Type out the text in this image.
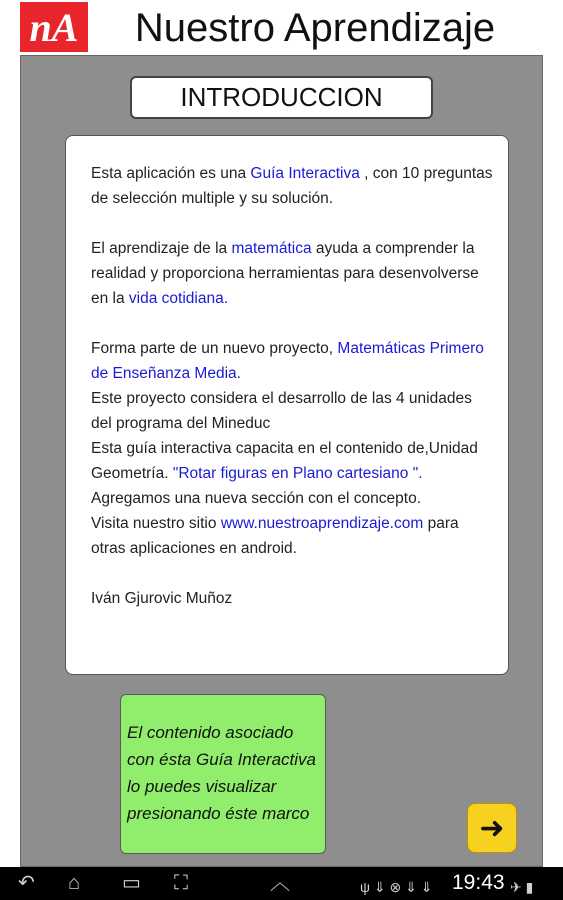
nA	Nuestro Aprendizaje
INTRODUCCION

Esta aplicación es una Guía Interactiva , con 10 preguntas de selección multiple y su solución.

El aprendizaje de la matemática ayuda a comprender la realidad y proporciona herramientas para desenvolverse en la vida cotidiana.

Forma parte de un nuevo proyecto, Matemáticas Primero de Enseñanza Media.

Este proyecto considera el desarrollo de las 4 unidades del programa del Mineduc

Esta guía interactiva capacita en el contenido de,Unidad Geometría. "Rotar figuras en Plano cartesiano ".

Agregamos una nueva sección con el concepto.

Visita nuestro sitio www.nuestroaprendizaje.com para otras aplicaciones en android.

Iván Gjurovic Muñoz

El contenido asociado
con ésta Guía Interactiva
lo puedes visualizar
presionando éste marco	➜
↶ ⌂ ▭ ⛶	︿	ψ ⇓ ⊗ ⇓ ⇓ 19:43 ✈ ▮
